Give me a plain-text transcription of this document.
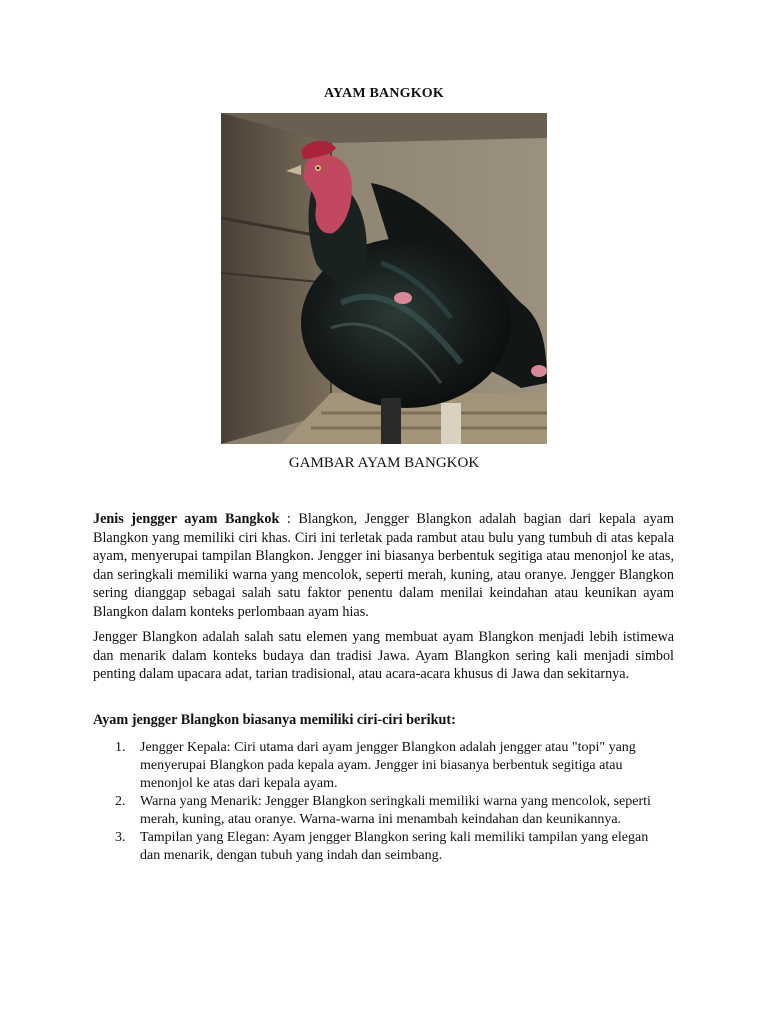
AYAM BANGKOK
GAMBAR AYAM BANGKOK

Jenis jengger ayam Bangkok : Blangkon, Jengger Blangkon adalah bagian dari kepala ayam Blangkon yang memiliki ciri khas. Ciri ini terletak pada rambut atau bulu yang tumbuh di atas kepala ayam, menyerupai tampilan Blangkon. Jengger ini biasanya berbentuk segitiga atau menonjol ke atas, dan seringkali memiliki warna yang mencolok, seperti merah, kuning, atau oranye. Jengger Blangkon sering dianggap sebagai salah satu faktor penentu dalam menilai keindahan atau keunikan ayam Blangkon dalam konteks perlombaan ayam hias.

Jengger Blangkon adalah salah satu elemen yang membuat ayam Blangkon menjadi lebih istimewa dan menarik dalam konteks budaya dan tradisi Jawa. Ayam Blangkon sering kali menjadi simbol penting dalam upacara adat, tarian tradisional, atau acara-acara khusus di Jawa dan sekitarnya.

Ayam jengger Blangkon biasanya memiliki ciri-ciri berikut:

1. Jengger Kepala: Ciri utama dari ayam jengger Blangkon adalah jengger atau "topi" yang menyerupai Blangkon pada kepala ayam. Jengger ini biasanya berbentuk segitiga atau menonjol ke atas dari kepala ayam.
2. Warna yang Menarik: Jengger Blangkon seringkali memiliki warna yang mencolok, seperti merah, kuning, atau oranye. Warna-warna ini menambah keindahan dan keunikannya.
3. Tampilan yang Elegan: Ayam jengger Blangkon sering kali memiliki tampilan yang elegan dan menarik, dengan tubuh yang indah dan seimbang.
